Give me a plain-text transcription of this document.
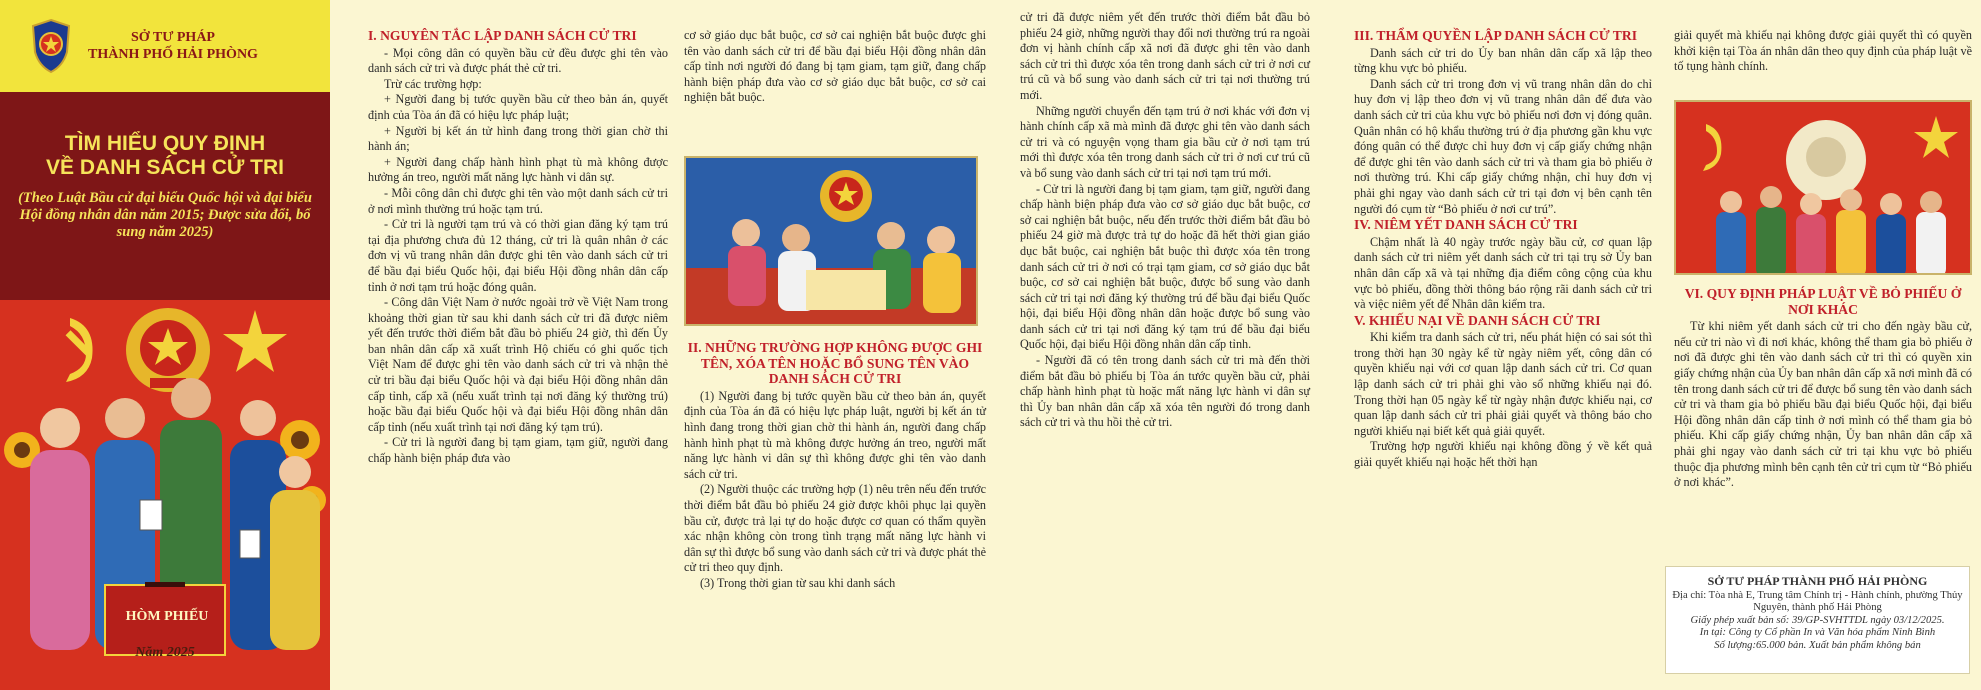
SỞ TƯ PHÁP
THÀNH PHỐ HẢI PHÒNG
TÌM HIỂU QUY ĐỊNH
VỀ DANH SÁCH CỬ TRI
(Theo Luật Bầu cử đại biểu Quốc hội và đại biểu Hội đồng nhân dân năm 2015; Được sửa đổi, bổ sung năm 2025)
HÒM PHIẾU
Năm 2025
I. NGUYÊN TẮC LẬP DANH SÁCH CỬ TRI

- Mọi công dân có quyền bầu cử đều được ghi tên vào danh sách cử tri và được phát thẻ cử tri.

Trừ các trường hợp:

+ Người đang bị tước quyền bầu cử theo bản án, quyết định của Tòa án đã có hiệu lực pháp luật;

+ Người bị kết án tử hình đang trong thời gian chờ thi hành án;

+ Người đang chấp hành hình phạt tù mà không được hưởng án treo, người mất năng lực hành vi dân sự.

- Mỗi công dân chỉ được ghi tên vào một danh sách cử tri ở nơi mình thường trú hoặc tạm trú.

- Cử tri là người tạm trú và có thời gian đăng ký tạm trú tại địa phương chưa đủ 12 tháng, cử tri là quân nhân ở các đơn vị vũ trang nhân dân được ghi tên vào danh sách cử tri để bầu đại biểu Quốc hội, đại biểu Hội đồng nhân dân cấp tỉnh ở nơi tạm trú hoặc đóng quân.

- Công dân Việt Nam ở nước ngoài trở về Việt Nam trong khoảng thời gian từ sau khi danh sách cử tri đã được niêm yết đến trước thời điểm bắt đầu bỏ phiếu 24 giờ, thì đến Ủy ban nhân dân cấp xã xuất trình Hộ chiếu có ghi quốc tịch Việt Nam để được ghi tên vào danh sách cử tri và nhận thẻ cử tri bầu đại biểu Quốc hội và đại biểu Hội đồng nhân dân cấp tỉnh, cấp xã (nếu xuất trình tại nơi đăng ký thường trú) hoặc bầu đại biểu Quốc hội và đại biểu Hội đồng nhân dân cấp tỉnh (nếu xuất trình tại nơi đăng ký tạm trú).

- Cử tri là người đang bị tạm giam, tạm giữ, người đang chấp hành biện pháp đưa vào

cơ sở giáo dục bắt buộc, cơ sở cai nghiện bắt buộc được ghi tên vào danh sách cử tri để bầu đại biểu Hội đồng nhân dân cấp tỉnh nơi người đó đang bị tạm giam, tạm giữ, đang chấp hành biện pháp đưa vào cơ sở giáo dục bắt buộc, cơ sở cai nghiện bắt buộc.

II. NHỮNG TRƯỜNG HỢP KHÔNG ĐƯỢC GHI TÊN, XÓA TÊN HOẶC BỔ SUNG TÊN VÀO DANH SÁCH CỬ TRI

(1) Người đang bị tước quyền bầu cử theo bản án, quyết định của Tòa án đã có hiệu lực pháp luật, người bị kết án tử hình đang trong thời gian chờ thi hành án, người đang chấp hành hình phạt tù mà không được hưởng án treo, người mất năng lực hành vi dân sự thì không được ghi tên vào danh sách cử tri.

(2) Người thuộc các trường hợp (1) nêu trên nếu đến trước thời điểm bắt đầu bỏ phiếu 24 giờ được khôi phục lại quyền bầu cử, được trả lại tự do hoặc được cơ quan có thẩm quyền xác nhận không còn trong tình trạng mất năng lực hành vi dân sự thì được bổ sung vào danh sách cử tri và được phát thẻ cử tri theo quy định.

(3) Trong thời gian từ sau khi danh sách

cử tri đã được niêm yết đến trước thời điểm bắt đầu bỏ phiếu 24 giờ, những người thay đổi nơi thường trú ra ngoài đơn vị hành chính cấp xã nơi đã được ghi tên vào danh sách cử tri thì được xóa tên trong danh sách cử tri ở nơi cư trú cũ và bổ sung vào danh sách cử tri tại nơi thường trú mới.

Những người chuyển đến tạm trú ở nơi khác với đơn vị hành chính cấp xã mà mình đã được ghi tên vào danh sách cử tri và có nguyện vọng tham gia bầu cử ở nơi tạm trú mới thì được xóa tên trong danh sách cử tri ở nơi cư trú cũ và bổ sung vào danh sách cử tri tại nơi tạm trú mới.

- Cử tri là người đang bị tạm giam, tạm giữ, người đang chấp hành biện pháp đưa vào cơ sở giáo dục bắt buộc, cơ sở cai nghiện bắt buộc, nếu đến trước thời điểm bắt đầu bỏ phiếu 24 giờ mà được trả tự do hoặc đã hết thời gian giáo dục bắt buộc, cai nghiện bắt buộc thì được xóa tên trong danh sách cử tri ở nơi có trại tạm giam, cơ sở giáo dục bắt buộc, cơ sở cai nghiện bắt buộc, được bổ sung vào danh sách cử tri tại nơi đăng ký thường trú để bầu đại biểu Quốc hội, đại biểu Hội đồng nhân dân hoặc được bổ sung vào danh sách cử tri tại nơi đăng ký tạm trú để bầu đại biểu Quốc hội, đại biểu Hội đồng nhân dân cấp tỉnh.

- Người đã có tên trong danh sách cử tri mà đến thời điểm bắt đầu bỏ phiếu bị Tòa án tước quyền bầu cử, phải chấp hành hình phạt tù hoặc mất năng lực hành vi dân sự thì Ủy ban nhân dân cấp xã xóa tên người đó trong danh sách cử tri và thu hồi thẻ cử tri.

III. THẨM QUYỀN LẬP DANH SÁCH CỬ TRI

Danh sách cử tri do Ủy ban nhân dân cấp xã lập theo từng khu vực bỏ phiếu.

Danh sách cử tri trong đơn vị vũ trang nhân dân do chỉ huy đơn vị lập theo đơn vị vũ trang nhân dân để đưa vào danh sách cử tri của khu vực bỏ phiếu nơi đơn vị đóng quân. Quân nhân có hộ khẩu thường trú ở địa phương gần khu vực đóng quân có thể được chỉ huy đơn vị cấp giấy chứng nhận để được ghi tên vào danh sách cử tri và tham gia bỏ phiếu ở nơi thường trú. Khi cấp giấy chứng nhận, chỉ huy đơn vị phải ghi ngay vào danh sách cử tri tại đơn vị bên cạnh tên người đó cụm từ “Bỏ phiếu ở nơi cư trú”.

IV. NIÊM YẾT DANH SÁCH CỬ TRI

Chậm nhất là 40 ngày trước ngày bầu cử, cơ quan lập danh sách cử tri niêm yết danh sách cử tri tại trụ sở Ủy ban nhân dân cấp xã và tại những địa điểm công cộng của khu vực bỏ phiếu, đồng thời thông báo rộng rãi danh sách cử tri và việc niêm yết để Nhân dân kiểm tra.

V. KHIẾU NẠI VỀ DANH SÁCH CỬ TRI

Khi kiểm tra danh sách cử tri, nếu phát hiện có sai sót thì trong thời hạn 30 ngày kể từ ngày niêm yết, công dân có quyền khiếu nại với cơ quan lập danh sách cử tri. Cơ quan lập danh sách cử tri phải ghi vào sổ những khiếu nại đó. Trong thời hạn 05 ngày kể từ ngày nhận được khiếu nại, cơ quan lập danh sách cử tri phải giải quyết và thông báo cho người khiếu nại biết kết quả giải quyết.

Trường hợp người khiếu nại không đồng ý về kết quả giải quyết khiếu nại hoặc hết thời hạn

giải quyết mà khiếu nại không được giải quyết thì có quyền khởi kiện tại Tòa án nhân dân theo quy định của pháp luật về tố tụng hành chính.

VI. QUY ĐỊNH PHÁP LUẬT VỀ BỎ PHIẾU Ở NƠI KHÁC

Từ khi niêm yết danh sách cử tri cho đến ngày bầu cử, nếu cử tri nào vì đi nơi khác, không thể tham gia bỏ phiếu ở nơi đã được ghi tên vào danh sách cử tri thì có quyền xin giấy chứng nhận của Ủy ban nhân dân cấp xã nơi mình đã có tên trong danh sách cử tri để được bổ sung tên vào danh sách cử tri và tham gia bỏ phiếu bầu đại biểu Quốc hội, đại biểu Hội đồng nhân dân cấp tỉnh ở nơi mình có thể tham gia bỏ phiếu. Khi cấp giấy chứng nhận, Ủy ban nhân dân cấp xã phải ghi ngay vào danh sách cử tri tại khu vực bỏ phiếu thuộc địa phương mình bên cạnh tên cử tri cụm từ “Bỏ phiếu ở nơi khác”.

SỞ TƯ PHÁP THÀNH PHỐ HẢI PHÒNG
Địa chỉ: Tòa nhà E, Trung tâm Chính trị - Hành chính, phường Thủy Nguyên, thành phố Hải Phòng
Giấy phép xuất bản số: 39/GP-SVHTTDL ngày 03/12/2025.
In tại: Công ty Cổ phần In và Văn hóa phẩm Ninh Bình
Số lượng:65.000 bản. Xuất bản phẩm không bán
